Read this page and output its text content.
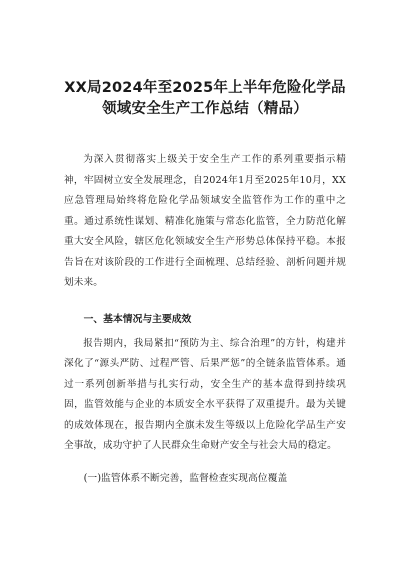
XX局2024年至2025年上半年危险化学品
领域安全生产工作总结（精品）

为深入贯彻落实上级关于安全生产工作的系列重要指示精神，牢固树立安全发展理念，自2024年1月至2025年10月，XX应急管理局始终将危险化学品领域安全监管作为工作的重中之重。通过系统性谋划、精准化施策与常态化监管，全力防范化解重大安全风险，辖区危化领域安全生产形势总体保持平稳。本报告旨在对该阶段的工作进行全面梳理、总结经验、剖析问题并规划未来。

一、基本情况与主要成效

报告期内，我局紧扣“预防为主、综合治理”的方针，构建并深化了“源头严防、过程严管、后果严惩”的全链条监管体系。通过一系列创新举措与扎实行动，安全生产的基本盘得到持续巩固，监管效能与企业的本质安全水平获得了双重提升。最为关键的成效体现在，报告期内全旗未发生等级以上危险化学品生产安全事故，成功守护了人民群众生命财产安全与社会大局的稳定。

(一)监管体系不断完善，监督检查实现高位覆盖
